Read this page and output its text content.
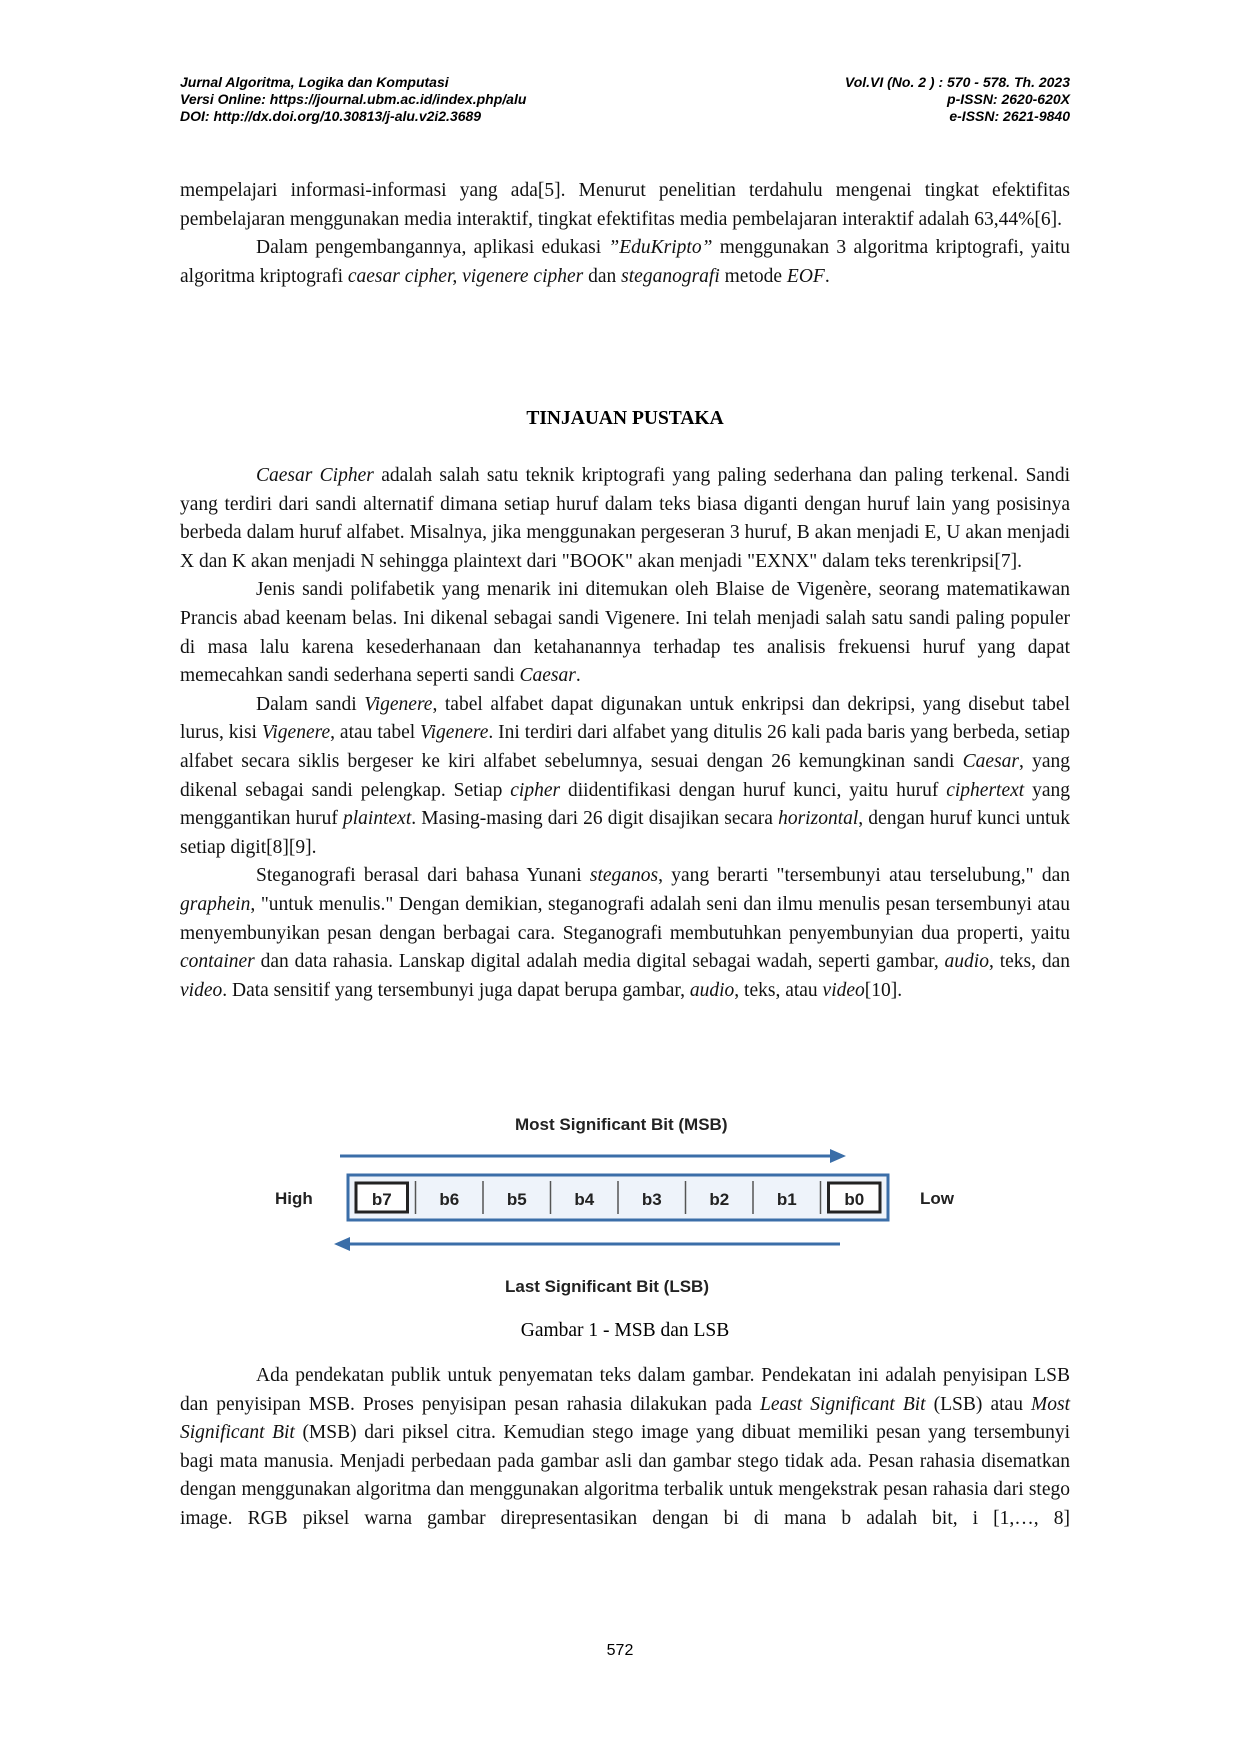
Jurnal Algoritma, Logika dan Komputasi
Versi Online: https://journal.ubm.ac.id/index.php/alu
DOI: http://dx.doi.org/10.30813/j-alu.v2i2.3689
Vol.VI (No. 2 ) : 570 - 578. Th. 2023
p-ISSN: 2620-620X
e-ISSN: 2621-9840

mempelajari informasi-informasi yang ada[5]. Menurut penelitian terdahulu mengenai tingkat efektifitas pembelajaran menggunakan media interaktif, tingkat efektifitas media pembelajaran interaktif adalah 63,44%[6].

Dalam pengembangannya, aplikasi edukasi ”EduKripto” menggunakan 3 algoritma kriptografi, yaitu algoritma kriptografi caesar cipher, vigenere cipher dan steganografi metode EOF.

TINJAUAN PUSTAKA

Caesar Cipher adalah salah satu teknik kriptografi yang paling sederhana dan paling terkenal. Sandi yang terdiri dari sandi alternatif dimana setiap huruf dalam teks biasa diganti dengan huruf lain yang posisinya berbeda dalam huruf alfabet. Misalnya, jika menggunakan pergeseran 3 huruf, B akan menjadi E, U akan menjadi X dan K akan menjadi N sehingga plaintext dari "BOOK" akan menjadi "EXNX" dalam teks terenkripsi[7].

Jenis sandi polifabetik yang menarik ini ditemukan oleh Blaise de Vigenère, seorang matematikawan Prancis abad keenam belas. Ini dikenal sebagai sandi Vigenere. Ini telah menjadi salah satu sandi paling populer di masa lalu karena kesederhanaan dan ketahanannya terhadap tes analisis frekuensi huruf yang dapat memecahkan sandi sederhana seperti sandi Caesar.

Dalam sandi Vigenere, tabel alfabet dapat digunakan untuk enkripsi dan dekripsi, yang disebut tabel lurus, kisi Vigenere, atau tabel Vigenere. Ini terdiri dari alfabet yang ditulis 26 kali pada baris yang berbeda, setiap alfabet secara siklis bergeser ke kiri alfabet sebelumnya, sesuai dengan 26 kemungkinan sandi Caesar, yang dikenal sebagai sandi pelengkap. Setiap cipher diidentifikasi dengan huruf kunci, yaitu huruf ciphertext yang menggantikan huruf plaintext. Masing-masing dari 26 digit disajikan secara horizontal, dengan huruf kunci untuk setiap digit[8][9].

Steganografi berasal dari bahasa Yunani steganos, yang berarti "tersembunyi atau terselubung," dan graphein, "untuk menulis." Dengan demikian, steganografi adalah seni dan ilmu menulis pesan tersembunyi atau menyembunyikan pesan dengan berbagai cara. Steganografi membutuhkan penyembunyian dua properti, yaitu container dan data rahasia. Lanskap digital adalah media digital sebagai wadah, seperti gambar, audio, teks, dan video. Data sensitif yang tersembunyi juga dapat berupa gambar, audio, teks, atau video[10].

Most Significant Bit (MSB)
High	b7	b6	b5	b4	b3	b2	b1	b0	Low
Last Significant Bit (LSB)
Gambar 1 - MSB dan LSB

Ada pendekatan publik untuk penyematan teks dalam gambar. Pendekatan ini adalah penyisipan LSB dan penyisipan MSB. Proses penyisipan pesan rahasia dilakukan pada Least Significant Bit (LSB) atau Most Significant Bit (MSB) dari piksel citra. Kemudian stego image yang dibuat memiliki pesan yang tersembunyi bagi mata manusia. Menjadi perbedaan pada gambar asli dan gambar stego tidak ada. Pesan rahasia disematkan dengan menggunakan algoritma dan menggunakan algoritma terbalik untuk mengekstrak pesan rahasia dari stego image. RGB piksel warna gambar direpresentasikan dengan bi di mana b adalah bit, i [1,…, 8]

572
